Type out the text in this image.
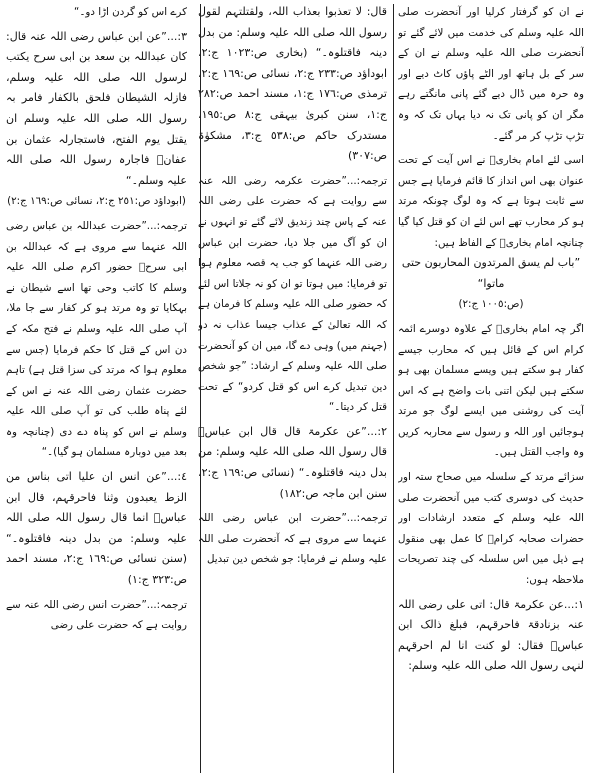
نے ان کو گرفتار کرلیا اور آنحضرت صلی اللہ علیہ وسلم کی خدمت میں لائے گئے تو آنحضرت صلی اللہ علیہ وسلم نے ان کے سر کے بل ہاتھ اور الٹے پاؤں کاٹ دیے اور وہ حرہ میں ڈال دیے گئے پانی مانگتے رہے مگر ان کو پانی تک نہ دیا یہاں تک کہ وہ تڑپ تڑپ کر مر گئے۔

اسی لئے امام بخاریؒ نے اس آیت کے تحت عنوان بھی اس انداز کا قائم فرمایا ہے جس سے ثابت ہوتا ہے کہ وہ لوگ چونکہ مرتد ہو کر محارب تھے اس لئے ان کو قتل کیا گیا چنانچہ امام بخاریؒ کے الفاظ ہیں:

”باب لم یسق المرتدون المحاربون حتی ماتوا“

(ص:١٠٠٥ ج:٢)

اگر چہ امام بخاریؒ کے علاوہ دوسرے ائمہ کرام اس کے قائل ہیں کہ محارب جیسے کفار ہو سکتے ہیں ویسے مسلمان بھی ہو سکتے ہیں لیکن اتنی بات واضح ہے کہ اس آیت کی روشنی میں ایسے لوگ جو مرتد ہوجائیں اور اللہ و رسول سے محاربہ کریں وہ واجب القتل ہیں۔

سزائے مرتد کے سلسلہ میں صحاح ستہ اور حدیث کی دوسری کتب میں آنحضرت صلی اللہ علیہ وسلم کے متعدد ارشادات اور حضرات صحابہ کرامؓ کا عمل بھی منقول ہے ذیل میں اس سلسلہ کی چند تصریحات ملاحظہ ہوں:

١:...عن عکرمۃ قال: اتی علی رضی اللہ عنہ بزنادقۃ فاحرقہم، فبلغ ذالک ابن عباسؓ فقال: لو کنت انا لم احرقہم لنہی رسول اللہ صلی اللہ علیہ وسلم:

قال: لا تعذبوا بعذاب اللہ، ولقتلتہم لقول رسول اللہ صلی اللہ علیہ وسلم: من بدل دینہ فاقتلوہ۔“ (بخاری ص:١٠٢٣ ج:٢، ابوداؤد ص:٢٣٣ ج:٢، نسائی ص:١٦٩ ج:٢، ترمذی ص:١٧٦ ج:١، مسند احمد ص:٢٨٢ ج:١، سنن کبریٰ بیہقی ج:٨ ص:١٩٥، مستدرک حاکم ص:٥٣٨ ج:٣، مشکوٰۃ ص:٣٠٧)

ترجمہ:...”حضرت عکرمہ رضی اللہ عنہ سے روایت ہے کہ حضرت علی رضی اللہ عنہ کے پاس چند زندیق لائے گئے تو انہوں نے ان کو آگ میں جلا دیا، حضرت ابن عباس رضی اللہ عنہما کو جب یہ قصہ معلوم ہوا تو فرمایا: میں ہوتا تو ان کو نہ جلاتا اس لئے کہ حضور صلی اللہ علیہ وسلم کا فرمان ہے کہ اللہ تعالیٰ کے عذاب جیسا عذاب نہ دو (جہنم میں) وہی دے گا، میں ان کو آنحضرت صلی اللہ علیہ وسلم کے ارشاد: ”جو شخص دین تبدیل کرے اس کو قتل کردو“ کے تحت قتل کر دیتا۔“

٢:...”عن عکرمۃ قال قال ابن عباسؓ قال رسول اللہ صلی اللہ علیہ وسلم: من بدل دینہ فاقتلوہ۔“ (نسائی ص:١٦٩ ج:٢، سنن ابن ماجہ ص:١٨٢)

ترجمہ:...”حضرت ابن عباس رضی اللہ عنہما سے مروی ہے کہ آنحضرت صلی اللہ علیہ وسلم نے فرمایا: جو شخص دین تبدیل

کرے اس کو گردن اڑا دو۔“

٣:...”عن ابن عباس رضی اللہ عنہ قال: کان عبداللہ بن سعد بن ابی سرح یکتب لرسول اللہ صلی اللہ علیہ وسلم، فازلہ الشیطان فلحق بالکفار فامر بہ رسول اللہ صلی اللہ علیہ وسلم ان یقتل یوم الفتح، فاستجارلہ عثمان بن عفانؓ فاجارہ رسول اللہ صلی اللہ علیہ وسلم۔“

(ابوداؤد ص:٢٥١ ج:٢، نسائی ص:١٦٩ ج:٢)

ترجمہ:...”حضرت عبداللہ بن عباس رضی اللہ عنہما سے مروی ہے کہ عبداللہ بن ابی سرحؓ حضور اکرم صلی اللہ علیہ وسلم کا کاتب وحی تھا اسے شیطان نے بہکایا تو وہ مرتد ہو کر کفار سے جا ملا، آپ صلی اللہ علیہ وسلم نے فتح مکہ کے دن اس کے قتل کا حکم فرمایا (جس سے معلوم ہوا کہ مرتد کی سزا قتل ہے) تاہم حضرت عثمان رضی اللہ عنہ نے اس کے لئے پناہ طلب کی تو آپ صلی اللہ علیہ وسلم نے اس کو پناہ دے دی (چنانچہ وہ بعد میں دوبارہ مسلمان ہو گیا)۔“

٤:...”عن انس ان علیا اتی بناس من الزط یعبدون وثنا فاحرقہم، قال ابن عباسؓ انما قال رسول اللہ صلی اللہ علیہ وسلم: من بدل دینہ فاقتلوہ۔“ (سنن نسائی ص:١٦٩ ج:٢، مسند احمد ص:٣٢٣ ج:١)

ترجمہ:...”حضرت انس رضی اللہ عنہ سے روایت ہے کہ حضرت علی رضی
